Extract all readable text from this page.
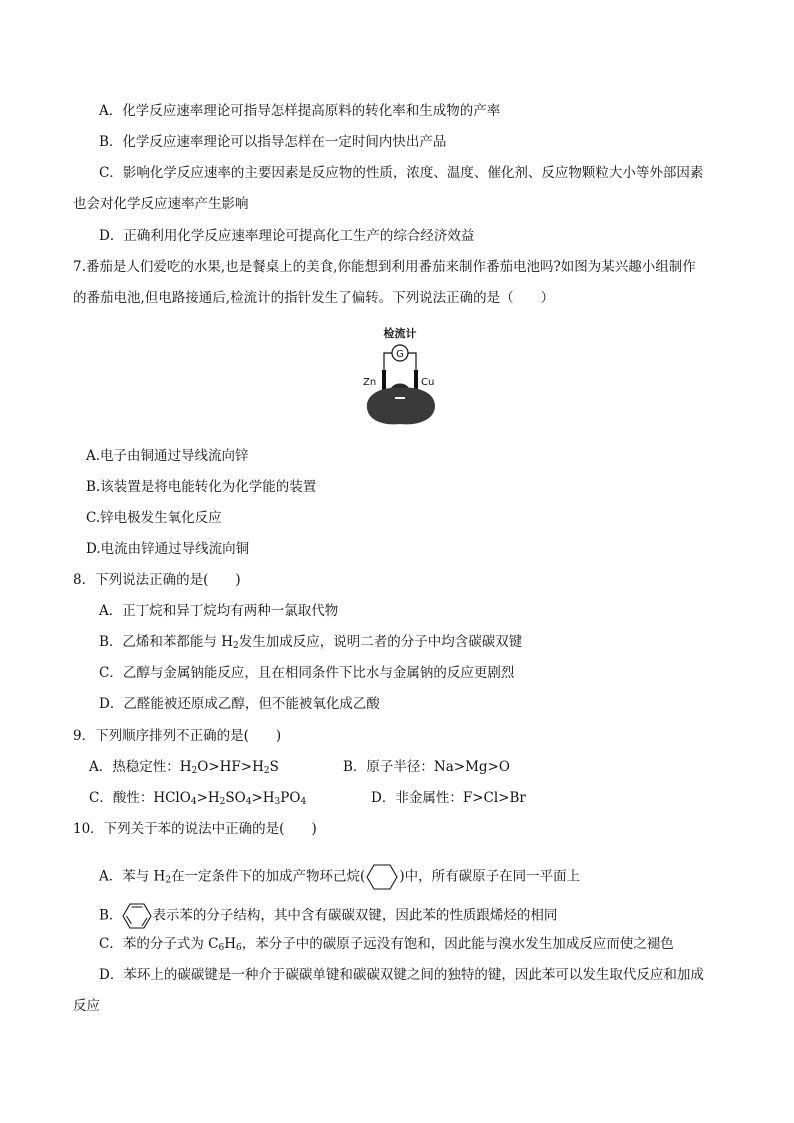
A．化学反应速率理论可指导怎样提高原料的转化率和生成物的产率
B．化学反应速率理论可以指导怎样在一定时间内快出产品
C．影响化学反应速率的主要因素是反应物的性质，浓度、温度、催化剂、反应物颗粒大小等外部因素
也会对化学反应速率产生影响
D．正确利用化学反应速率理论可提高化工生产的综合经济效益
7.番茄是人们爱吃的水果,也是餐桌上的美食,你能想到利用番茄来制作番茄电池吗?如图为某兴趣小组制作
的番茄电池,但电路接通后,检流计的指针发生了偏转。下列说法正确的是（　　）
检流计
G
Zn	Cu
A.电子由铜通过导线流向锌
B.该装置是将电能转化为化学能的装置
C.锌电极发生氧化反应
D.电流由锌通过导线流向铜
8．下列说法正确的是(　　)
A．正丁烷和异丁烷均有两种一氯取代物
B．乙烯和苯都能与 $H_2$发生加成反应，说明二者的分子中均含碳碳双键
C．乙醇与金属钠能反应，且在相同条件下比水与金属钠的反应更剧烈
D．乙醛能被还原成乙醇，但不能被氧化成乙酸
9．下列顺序排列不正确的是(　　)
A．热稳定性：$H_2O>HF>H_2S$	B．原子半径：Na>Mg>O
C．酸性：$HClO_4>H_2SO_4>H_3PO_4$	D．非金属性：F>Cl>Br
10．下列关于苯的说法中正确的是(　　)
A．苯与 $H_2$在一定条件下的加成产物环己烷(	)中，所有碳原子在同一平面上
B． 表示苯的分子结构，其中含有碳碳双键，因此苯的性质跟烯烃的相同
C．苯的分子式为 $C_6H_6$，苯分子中的碳原子远没有饱和，因此能与溴水发生加成反应而使之褪色
D．苯环上的碳碳键是一种介于碳碳单键和碳碳双键之间的独特的键，因此苯可以发生取代反应和加成
反应
